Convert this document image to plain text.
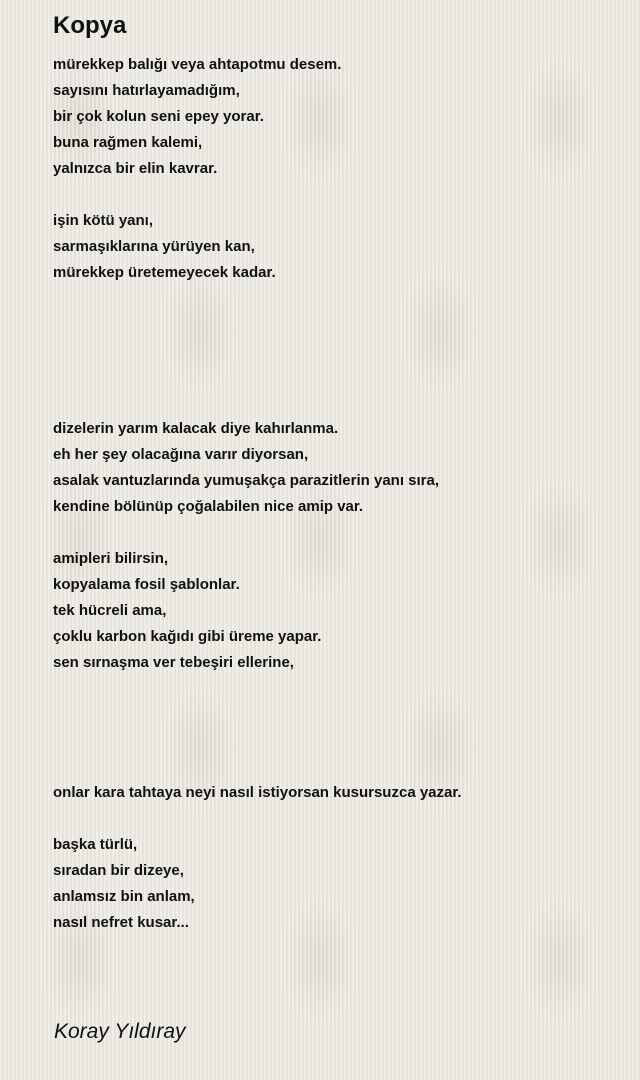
Kopya
mürekkep balığı veya ahtapotmu desem.
sayısını hatırlayamadığım,
bir çok kolun seni epey yorar.
buna rağmen kalemi,
yalnızca bir elin kavrar.
işin kötü yanı,
sarmaşıklarına yürüyen kan,
mürekkep üretemeyecek kadar.
dizelerin yarım kalacak diye kahırlanma.
eh her şey olacağına varır diyorsan,
asalak vantuzlarında yumuşakça parazitlerin yanı sıra,
kendine bölünüp çoğalabilen nice amip var.
amipleri bilirsin,
kopyalama fosil şablonlar.
tek hücreli ama,
çoklu karbon kağıdı gibi üreme yapar.
sen sırnaşma ver tebeşiri ellerine,
onlar kara tahtaya neyi nasıl istiyorsan kusursuzca yazar.
başka türlü,
sıradan bir dizeye,
anlamsız bin anlam,
nasıl nefret kusar...
Koray Yıldıray
